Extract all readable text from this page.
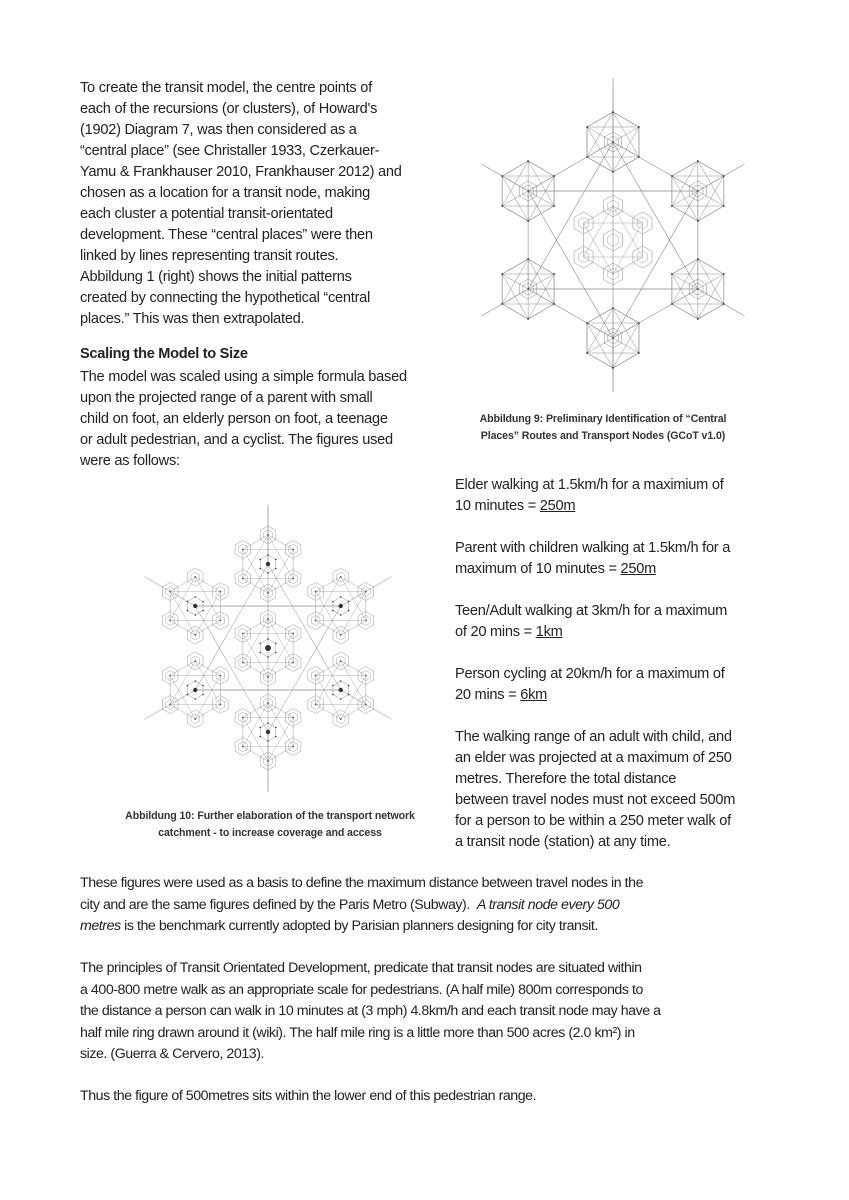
To create the transit model, the centre points of
each of the recursions (or clusters), of Howard's
(1902) Diagram 7, was then considered as a
“central place” (see Christaller 1933, Czerkauer-
Yamu & Frankhauser 2010, Frankhauser 2012) and
chosen as a location for a transit node, making
each cluster a potential transit-orientated
development. These “central places” were then
linked by lines representing transit routes.
Abbildung 1 (right) shows the initial patterns
created by connecting the hypothetical “central
places.” This was then extrapolated.
Scaling the Model to Size
The model was scaled using a simple formula based
upon the projected range of a parent with small
child on foot, an elderly person on foot, a teenage
or adult pedestrian, and a cyclist. The figures used
were as follows:
Abbildung 9: Preliminary Identification of “Central
Places” Routes and Transport Nodes (GCoT v1.0)
Elder walking at 1.5km/h for a maximium of
10 minutes = 250m
Parent with children walking at 1.5km/h for a
maximum of 10 minutes = 250m
Teen/Adult walking at 3km/h for a maximum
of 20 mins = 1km
Person cycling at 20km/h for a maximum of
20 mins = 6km
The walking range of an adult with child, and
an elder was projected at a maximum of 250
metres. Therefore the total distance
between travel nodes must not exceed 500m
for a person to be within a 250 meter walk of
a transit node (station) at any time.
Abbildung 10: Further elaboration of the transport network
catchment - to increase coverage and access
These figures were used as a basis to define the maximum distance between travel nodes in the
city and are the same figures defined by the Paris Metro (Subway).  A transit node every 500
metres is the benchmark currently adopted by Parisian planners designing for city transit.
The principles of Transit Orientated Development, predicate that transit nodes are situated within
a 400-800 metre walk as an appropriate scale for pedestrians. (A half mile) 800m corresponds to
the distance a person can walk in 10 minutes at (3 mph) 4.8km/h and each transit node may have a
half mile ring drawn around it (wiki). The half mile ring is a little more than 500 acres (2.0 km²) in
size. (Guerra & Cervero, 2013).
Thus the figure of 500metres sits within the lower end of this pedestrian range.
